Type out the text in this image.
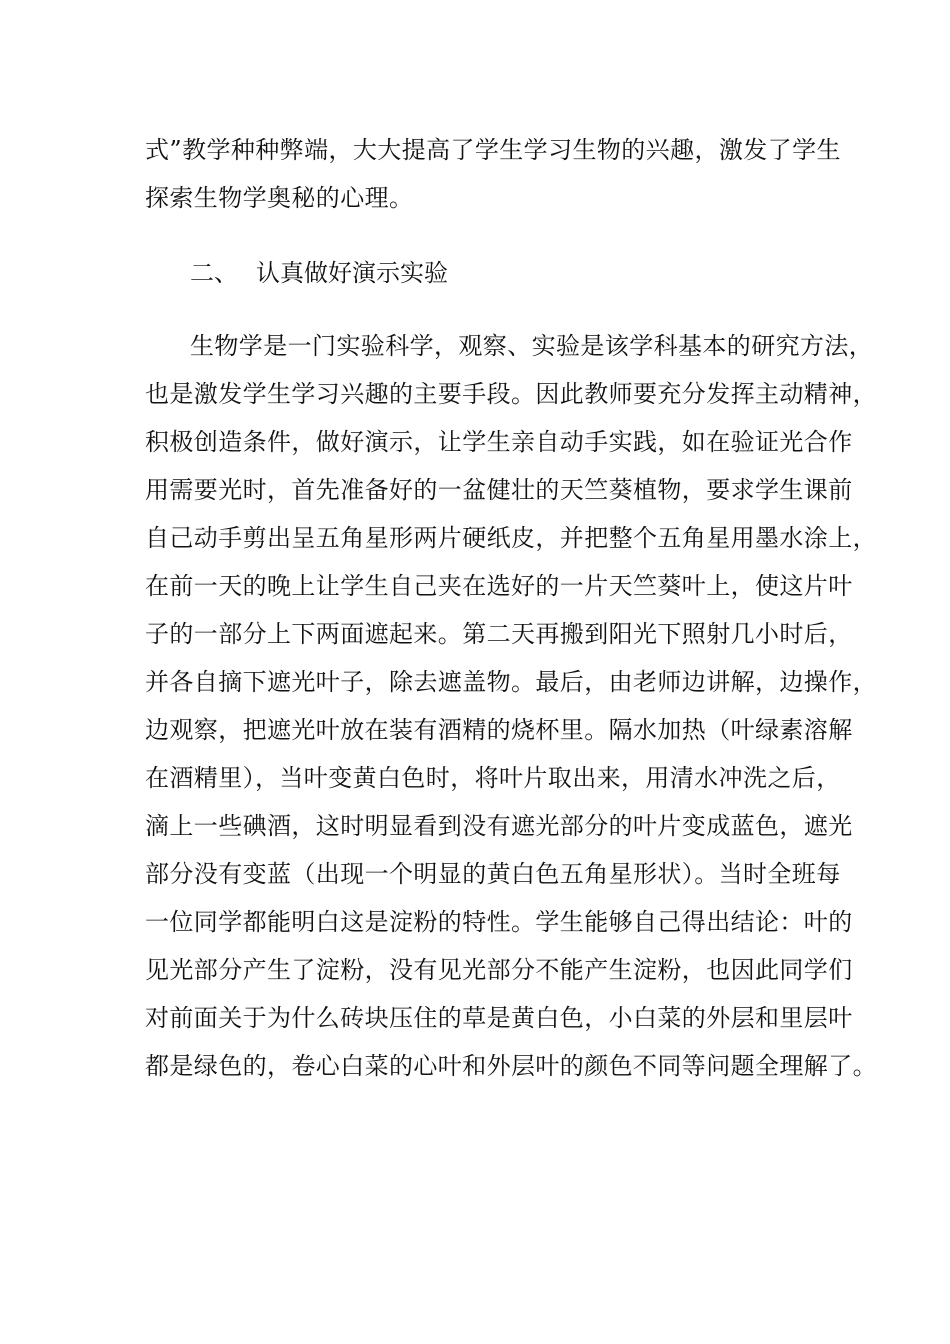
式”教学种种弊端，大大提高了学生学习生物的兴趣，激发了学生
探索生物学奥秘的心理。
二、 认真做好演示实验
生物学是一门实验科学，观察、实验是该学科基本的研究方法，
也是激发学生学习兴趣的主要手段。因此教师要充分发挥主动精神，
积极创造条件，做好演示，让学生亲自动手实践，如在验证光合作
用需要光时，首先准备好的一盆健壮的天竺葵植物，要求学生课前
自己动手剪出呈五角星形两片硬纸皮，并把整个五角星用墨水涂上，
在前一天的晚上让学生自己夹在选好的一片天竺葵叶上，使这片叶
子的一部分上下两面遮起来。第二天再搬到阳光下照射几小时后，
并各自摘下遮光叶子，除去遮盖物。最后，由老师边讲解，边操作，
边观察，把遮光叶放在装有酒精的烧杯里。隔水加热（叶绿素溶解
在酒精里），当叶变黄白色时，将叶片取出来，用清水冲洗之后，
滴上一些碘酒，这时明显看到没有遮光部分的叶片变成蓝色，遮光
部分没有变蓝（出现一个明显的黄白色五角星形状）。当时全班每
一位同学都能明白这是淀粉的特性。学生能够自己得出结论：叶的
见光部分产生了淀粉，没有见光部分不能产生淀粉，也因此同学们
对前面关于为什么砖块压住的草是黄白色，小白菜的外层和里层叶
都是绿色的，卷心白菜的心叶和外层叶的颜色不同等问题全理解了。
